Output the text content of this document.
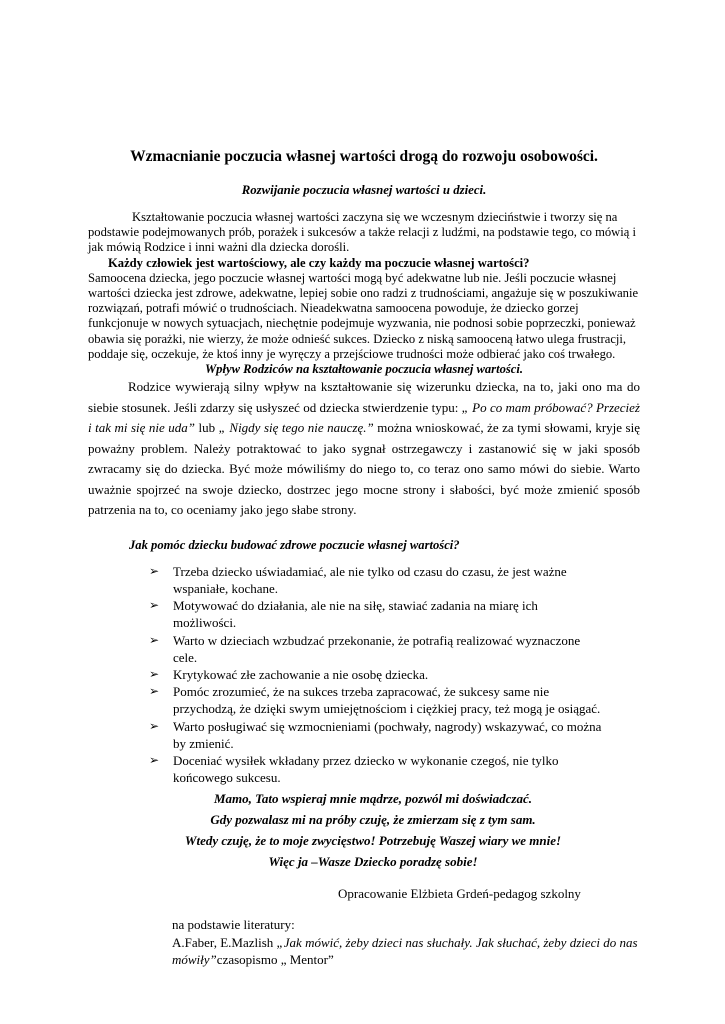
Wzmacnianie poczucia własnej wartości drogą do rozwoju osobowości.
Rozwijanie poczucia własnej wartości u dzieci.

Kształtowanie poczucia własnej wartości zaczyna się we wczesnym dzieciństwie i tworzy się na podstawie podejmowanych prób, porażek i sukcesów a także relacji z ludźmi, na podstawie tego, co mówią i jak mówią Rodzice i inni ważni dla dziecka dorośli.

Każdy człowiek jest wartościowy, ale czy każdy ma poczucie własnej wartości?

Samoocena dziecka, jego poczucie własnej wartości mogą być adekwatne lub nie. Jeśli poczucie własnej wartości dziecka jest zdrowe, adekwatne, lepiej sobie ono radzi z trudnościami, angażuje się w poszukiwanie rozwiązań, potrafi mówić o trudnościach. Nieadekwatna samoocena powoduje, że dziecko gorzej funkcjonuje w nowych sytuacjach, niechętnie podejmuje wyzwania, nie podnosi sobie poprzeczki, ponieważ obawia się porażki, nie wierzy, że może odnieść sukces. Dziecko z niską samooceną łatwo ulega frustracji, poddaje się, oczekuje, że ktoś inny je wyręczy a przejściowe trudności może odbierać jako coś trwałego.

Wpływ Rodziców na kształtowanie poczucia własnej wartości.

Rodzice wywierają silny wpływ na kształtowanie się wizerunku dziecka, na to, jaki ono ma do siebie stosunek. Jeśli zdarzy się usłyszeć od dziecka stwierdzenie typu: „ Po co mam próbować? Przecież i tak mi się nie uda” lub „ Nigdy się tego nie nauczę.” można wnioskować, że za tymi słowami, kryje się poważny problem. Należy potraktować to jako sygnał ostrzegawczy i zastanowić się w jaki sposób zwracamy się do dziecka. Być może mówiliśmy do niego to, co teraz ono samo mówi do siebie. Warto uważnie spojrzeć na swoje dziecko, dostrzec jego mocne strony i słabości, być może zmienić sposób patrzenia na to, co oceniamy jako jego słabe strony.

Jak pomóc dziecku budować zdrowe poczucie własnej wartości?

➢ Trzeba dziecko uświadamiać, ale nie tylko od czasu do czasu, że jest ważne wspaniałe, kochane.
➢ Motywować do działania, ale nie na siłę, stawiać zadania na miarę ich możliwości.
➢ Warto w dzieciach wzbudzać przekonanie, że potrafią realizować wyznaczone cele.
➢ Krytykować złe zachowanie a nie osobę dziecka.
➢ Pomóc zrozumieć, że na sukces trzeba zapracować, że sukcesy same nie przychodzą, że dzięki swym umiejętnościom i ciężkiej pracy, też mogą je osiągać.
➢ Warto posługiwać się wzmocnieniami (pochwały, nagrody) wskazywać, co można by zmienić.
➢ Doceniać wysiłek wkładany przez dziecko w wykonanie czegoś, nie tylko końcowego sukcesu.
Mamo, Tato wspieraj mnie mądrze, pozwól mi doświadczać.
Gdy pozwalasz mi na próby czuję, że zmierzam się z tym sam.
Wtedy czuję, że to moje zwycięstwo! Potrzebuję Waszej wiary we mnie!
Więc ja –Wasze Dziecko poradzę sobie!

Opracowanie Elżbieta Grdeń-pedagog szkolny

na podstawie literatury:
A.Faber, E.Mazlish „Jak mówić, żeby dzieci nas słuchały. Jak słuchać, żeby dzieci do nas mówiły”czasopismo „ Mentor”
